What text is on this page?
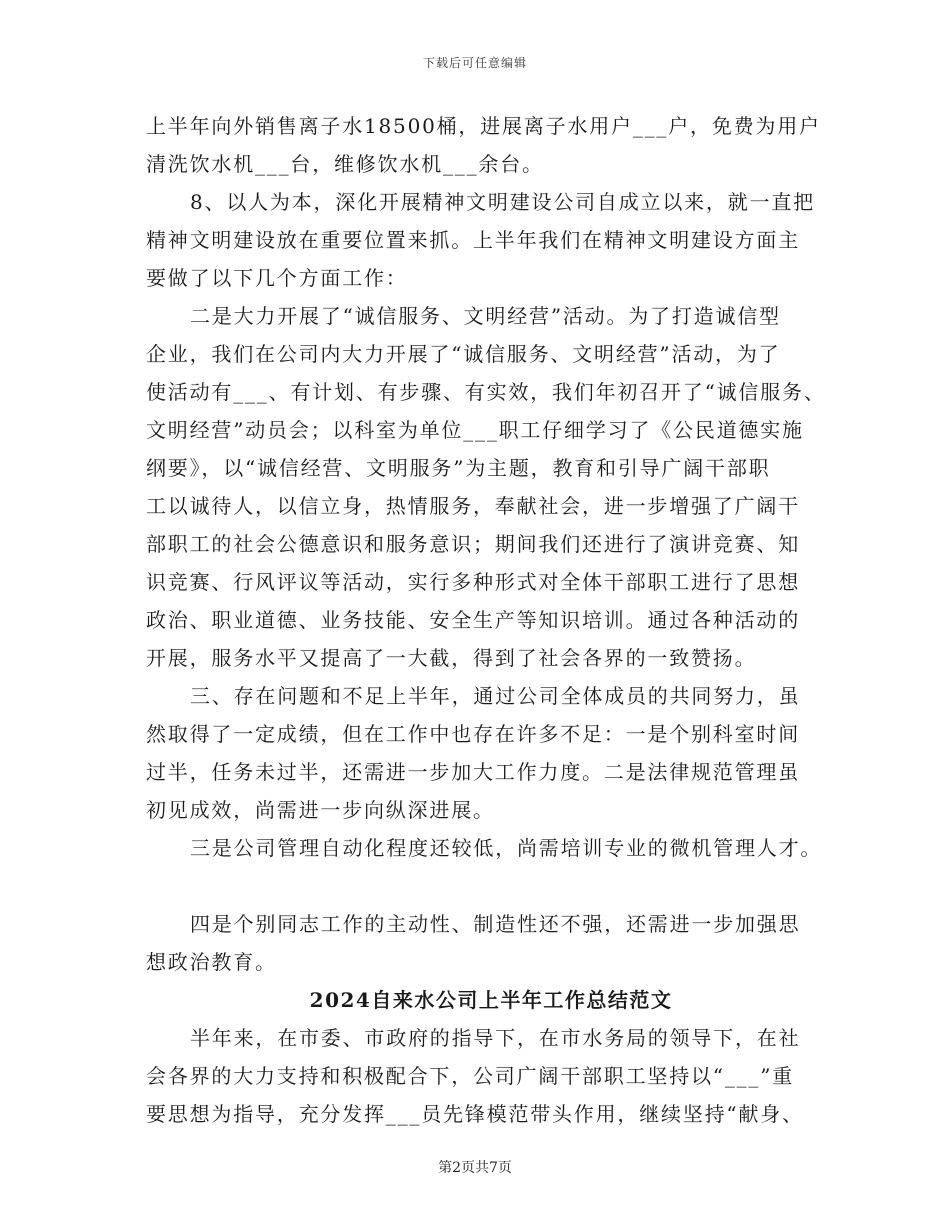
下载后可任意编辑
上半年向外销售离子水18500桶，进展离子水用户___户，免费为用户
清洗饮水机___台，维修饮水机___余台。
8、以人为本，深化开展精神文明建设公司自成立以来，就一直把
精神文明建设放在重要位置来抓。上半年我们在精神文明建设方面主
要做了以下几个方面工作：
二是大力开展了“诚信服务、文明经营”活动。为了打造诚信型
企业，我们在公司内大力开展了“诚信服务、文明经营”活动，为了
使活动有___、有计划、有步骤、有实效，我们年初召开了“诚信服务、
文明经营”动员会；以科室为单位___职工仔细学习了《公民道德实施
纲要》，以“诚信经营、文明服务”为主题，教育和引导广阔干部职
工以诚待人，以信立身，热情服务，奉献社会，进一步增强了广阔干
部职工的社会公德意识和服务意识；期间我们还进行了演讲竞赛、知
识竞赛、行风评议等活动，实行多种形式对全体干部职工进行了思想
政治、职业道德、业务技能、安全生产等知识培训。通过各种活动的
开展，服务水平又提高了一大截，得到了社会各界的一致赞扬。
三、存在问题和不足上半年，通过公司全体成员的共同努力，虽
然取得了一定成绩，但在工作中也存在许多不足：一是个别科室时间
过半，任务未过半，还需进一步加大工作力度。二是法律规范管理虽
初见成效，尚需进一步向纵深进展。
三是公司管理自动化程度还较低，尚需培训专业的微机管理人才。
四是个别同志工作的主动性、制造性还不强，还需进一步加强思
想政治教育。
2024自来水公司上半年工作总结范文
半年来，在市委、市政府的指导下，在市水务局的领导下，在社
会各界的大力支持和积极配合下，公司广阔干部职工坚持以“___”重
要思想为指导，充分发挥___员先锋模范带头作用，继续坚持“献身、
第2页共7页
